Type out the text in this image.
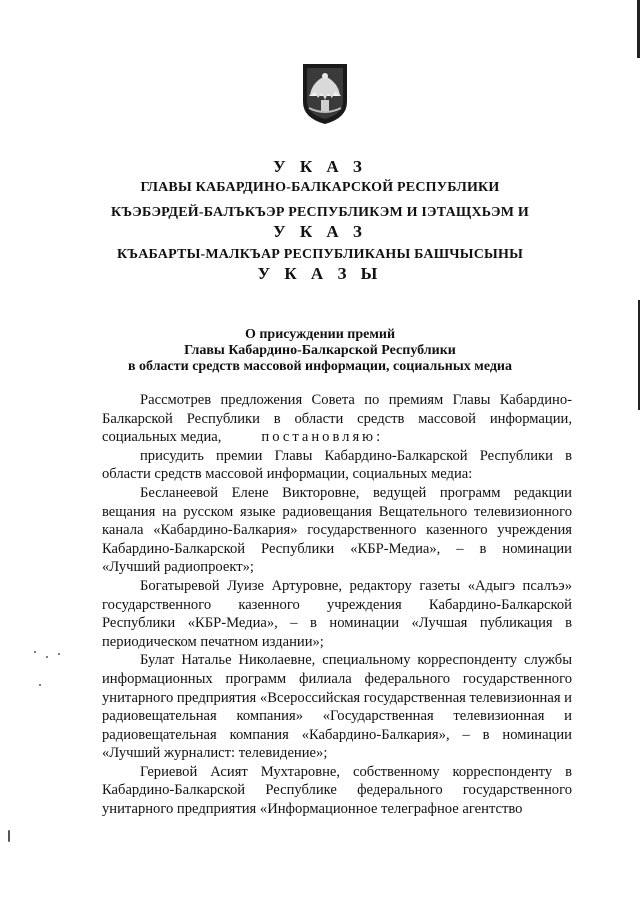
У К А З
ГЛАВЫ КАБАРДИНО-БАЛКАРСКОЙ РЕСПУБЛИКИ
КЪЭБЭРДЕЙ-БАЛЪКЪЭР РЕСПУБЛИКЭМ И ІЭТАЩХЬЭМ И
У К А З
КЪАБАРТЫ-МАЛКЪАР РЕСПУБЛИКАНЫ БАШЧЫСЫНЫ
У К А З Ы
О присуждении премий
Главы Кабардино-Балкарской Республики
в области средств массовой информации, социальных медиа

Рассмотрев предложения Совета по премиям Главы Кабардино-Балкарской Республики в области средств массовой информации, социальных медиа,	постановляю:

присудить премии Главы Кабардино-Балкарской Республики в области средств массовой информации, социальных медиа:

Бесланеевой Елене Викторовне, ведущей программ редакции вещания на русском языке радиовещания Вещательного телевизионного канала «Кабардино-Балкария» государственного казенного учреждения Кабардино-Балкарской Республики «КБР-Медиа», – в номинации «Лучший радиопроект»;

Богатыревой Луизе Артуровне, редактору газеты «Адыгэ псалъэ» государственного казенного учреждения Кабардино-Балкарской Республики «КБР-Медиа», – в номинации «Лучшая публикация в периодическом печатном издании»;

Булат Наталье Николаевне, специальному корреспонденту службы информационных программ филиала федерального государственного унитарного предприятия «Всероссийская государственная телевизионная и радиовещательная компания» «Государственная телевизионная и радиовещательная компания «Кабардино-Балкария», – в номинации «Лучший журналист: телевидение»;

Гериевой Асият Мухтаровне, собственному корреспонденту в Кабардино-Балкарской Республике федерального государственного унитарного предприятия «Информационное телеграфное агентство
